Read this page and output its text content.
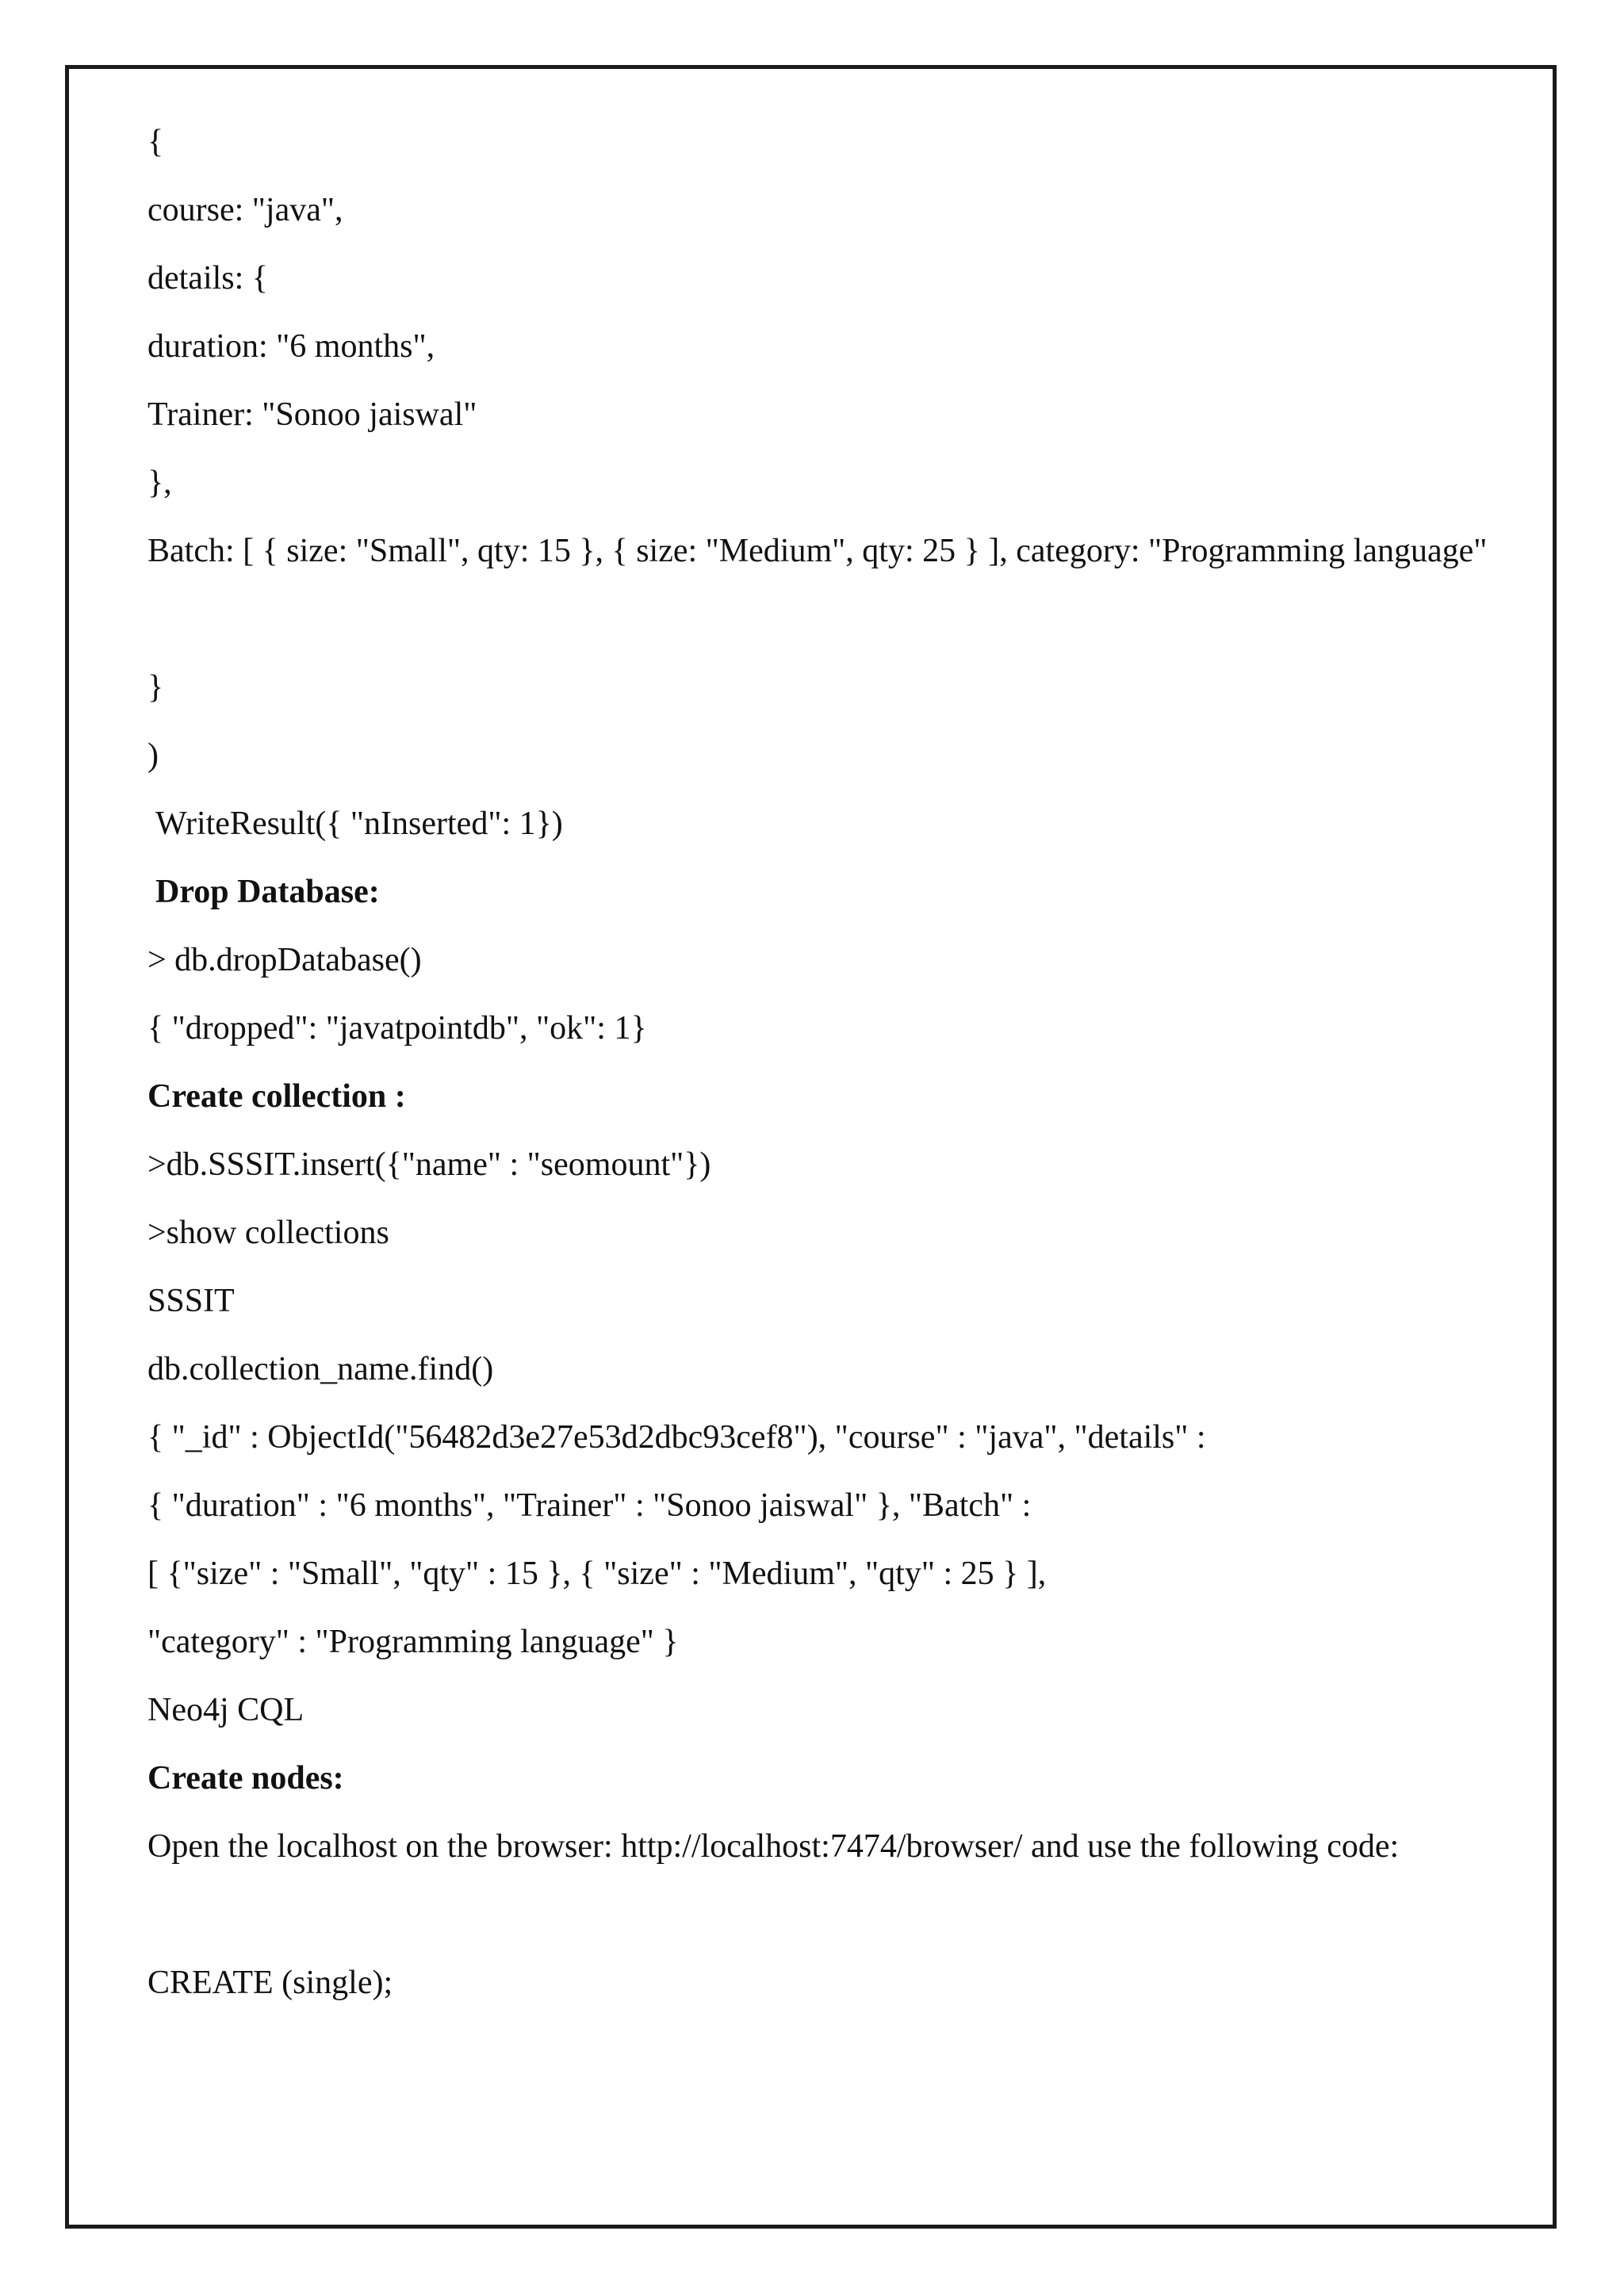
{
course: "java",
details: {
duration: "6 months",
Trainer: "Sonoo jaiswal"
},
Batch: [ { size: "Small", qty: 15 }, { size: "Medium", qty: 25 } ], category: "Programming language"
}
)
WriteResult({ "nInserted": 1})
Drop Database:
> db.dropDatabase()
{ "dropped": "javatpointdb", "ok": 1}
Create collection :
>db.SSSIT.insert({"name" : "seomount"})
>show collections
SSSIT
db.collection_name.find()
{ "_id" : ObjectId("56482d3e27e53d2dbc93cef8"), "course" : "java", "details" :
{ "duration" : "6 months", "Trainer" : "Sonoo jaiswal" }, "Batch" :
[ {"size" : "Small", "qty" : 15 }, { "size" : "Medium", "qty" : 25 } ],
"category" : "Programming language" }
Neo4j CQL
Create nodes:
Open the localhost on the browser: http://localhost:7474/browser/ and use the following code:
CREATE (single);
